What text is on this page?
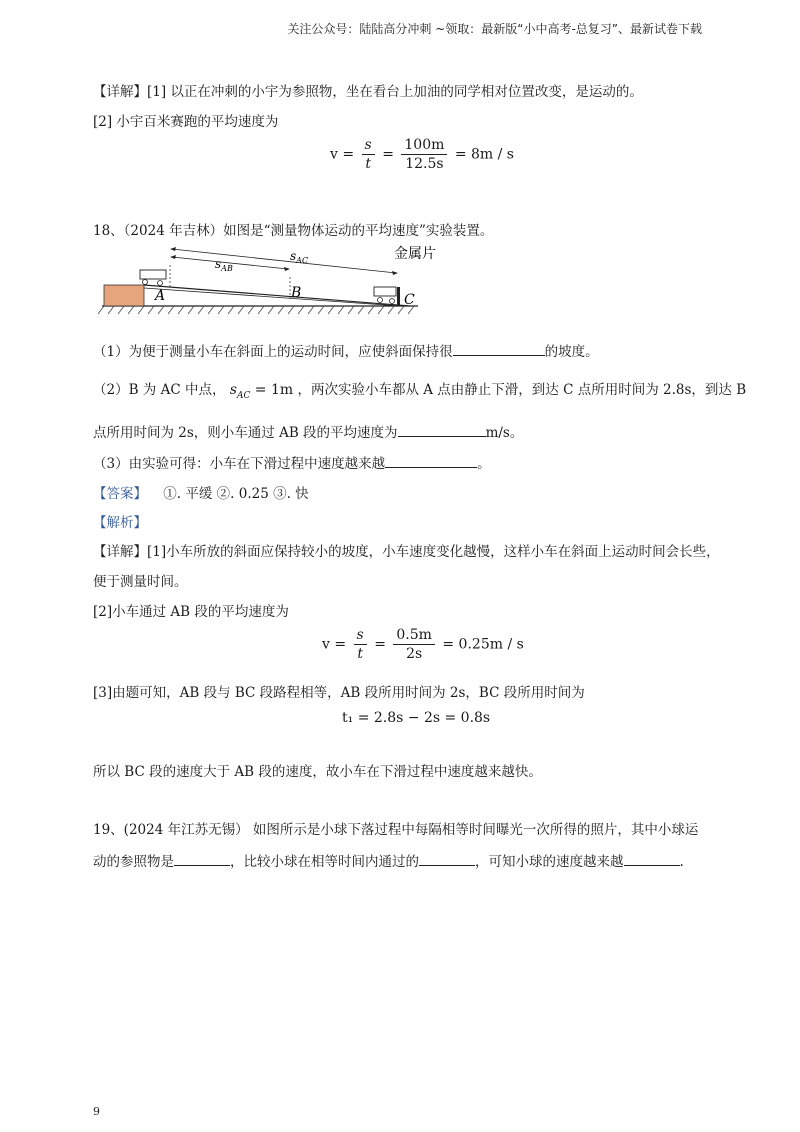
关注公众号：陆陆高分冲刺 ~领取：最新版“小中高考-总复习”、最新试卷下载
【详解】[1] 以正在冲刺的小宇为参照物，坐在看台上加油的同学相对位置改变，是运动的。
[2] 小宇百米赛跑的平均速度为
$v = \frac{s}{t} = \frac{100m}{12.5s} = 8m / s$
18、（2024 年吉林）如图是“测量物体运动的平均速度”实验装置。
$s_{AB}$
$s_{AC}$	金属片
A	B	C
（1）为便于测量小车在斜面上的运动时间，应使斜面保持很	的坡度。
（2）B 为 AC 中点， $s_{AC} = 1m$ ，两次实验小车都从 A 点由静止下滑，到达 C 点所用时间为 2.8s，到达 B
点所用时间为 2s，则小车通过 AB 段的平均速度为	m/s。
（3）由实验可得：小车在下滑过程中速度越来越	。
【答案】 ①. 平缓 ②. 0.25 ③. 快
【解析】
【详解】[1]小车所放的斜面应保持较小的坡度，小车速度变化越慢，这样小车在斜面上运动时间会长些，
便于测量时间。
[2]小车通过 AB 段的平均速度为
$v = \frac{s}{t} = \frac{0.5m}{2s} = 0.25m / s$
[3]由题可知，AB 段与 BC 段路程相等，AB 段所用时间为 2s，BC 段所用时间为
t₁ = 2.8s − 2s = 0.8s
所以 BC 段的速度大于 AB 段的速度，故小车在下滑过程中速度越来越快。
19、(2024 年江苏无锡） 如图所示是小球下落过程中每隔相等时间曝光一次所得的照片，其中小球运
动的参照物是	，比较小球在相等时间内通过的	，可知小球的速度越来越	.
9
